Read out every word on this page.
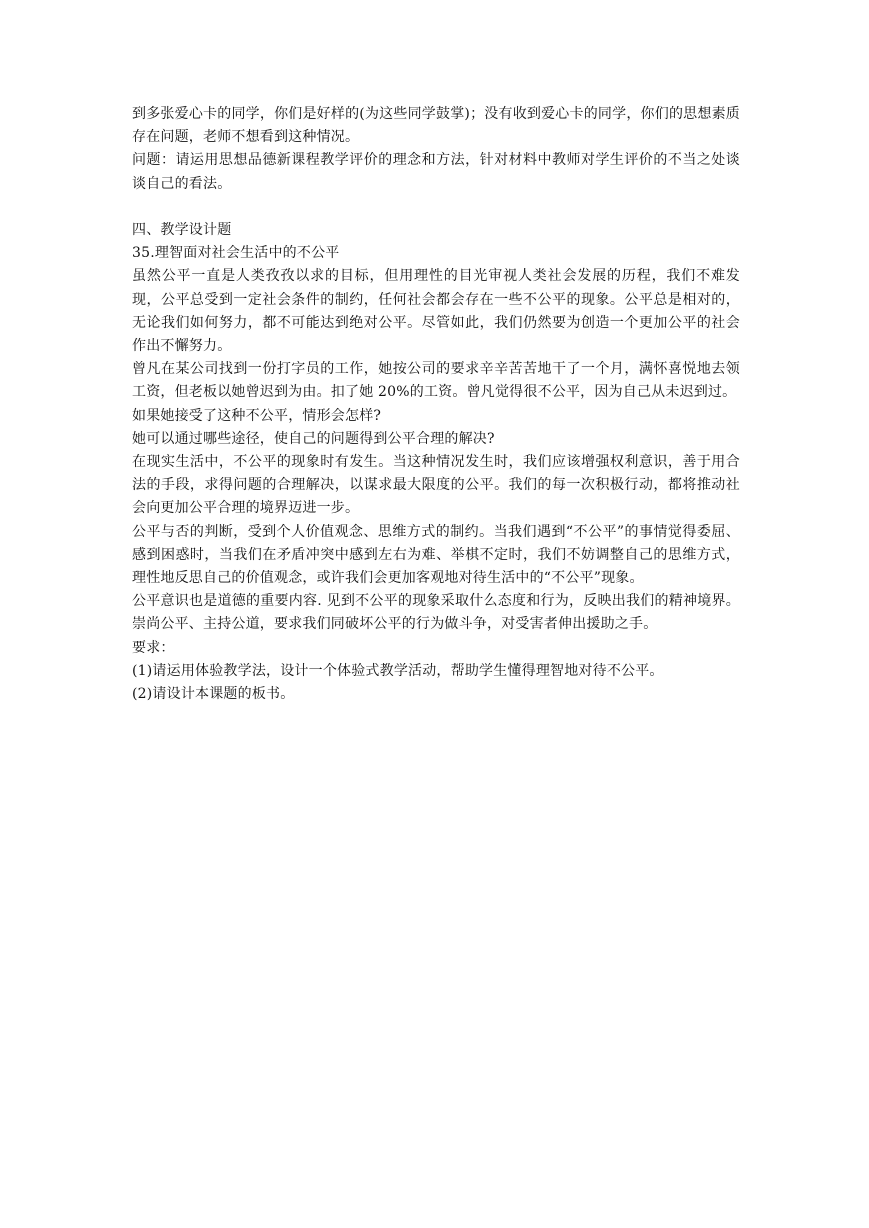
到多张爱心卡的同学，你们是好样的(为这些同学鼓掌)；没有收到爱心卡的同学，你们的思想素质存在问题，老师不想看到这种情况。

问题：请运用思想品德新课程教学评价的理念和方法，针对材料中教师对学生评价的不当之处谈谈自己的看法。

四、教学设计题

35.理智面对社会生活中的不公平

虽然公平一直是人类孜孜以求的目标，但用理性的目光审视人类社会发展的历程，我们不难发现，公平总受到一定社会条件的制约，任何社会都会存在一些不公平的现象。公平总是相对的，无论我们如何努力，都不可能达到绝对公平。尽管如此，我们仍然要为创造一个更加公平的社会作出不懈努力。

曾凡在某公司找到一份打字员的工作，她按公司的要求辛辛苦苦地干了一个月，满怀喜悦地去领工资，但老板以她曾迟到为由。扣了她 20%的工资。曾凡觉得很不公平，因为自己从未迟到过。

如果她接受了这种不公平，情形会怎样?

她可以通过哪些途径，使自己的问题得到公平合理的解决?

在现实生活中，不公平的现象时有发生。当这种情况发生时，我们应该增强权利意识，善于用合法的手段，求得问题的合理解决，以谋求最大限度的公平。我们的每一次积极行动，都将推动社会向更加公平合理的境界迈进一步。

公平与否的判断，受到个人价值观念、思维方式的制约。当我们遇到“不公平”的事情觉得委屈、感到困惑时，当我们在矛盾冲突中感到左右为难、举棋不定时，我们不妨调整自己的思维方式，理性地反思自己的价值观念，或许我们会更加客观地对待生活中的“不公平”现象。

公平意识也是道德的重要内容. 见到不公平的现象采取什么态度和行为，反映出我们的精神境界。崇尚公平、主持公道，要求我们同破坏公平的行为做斗争，对受害者伸出援助之手。

要求：

(1)请运用体验教学法，设计一个体验式教学活动，帮助学生懂得理智地对待不公平。

(2)请设计本课题的板书。
